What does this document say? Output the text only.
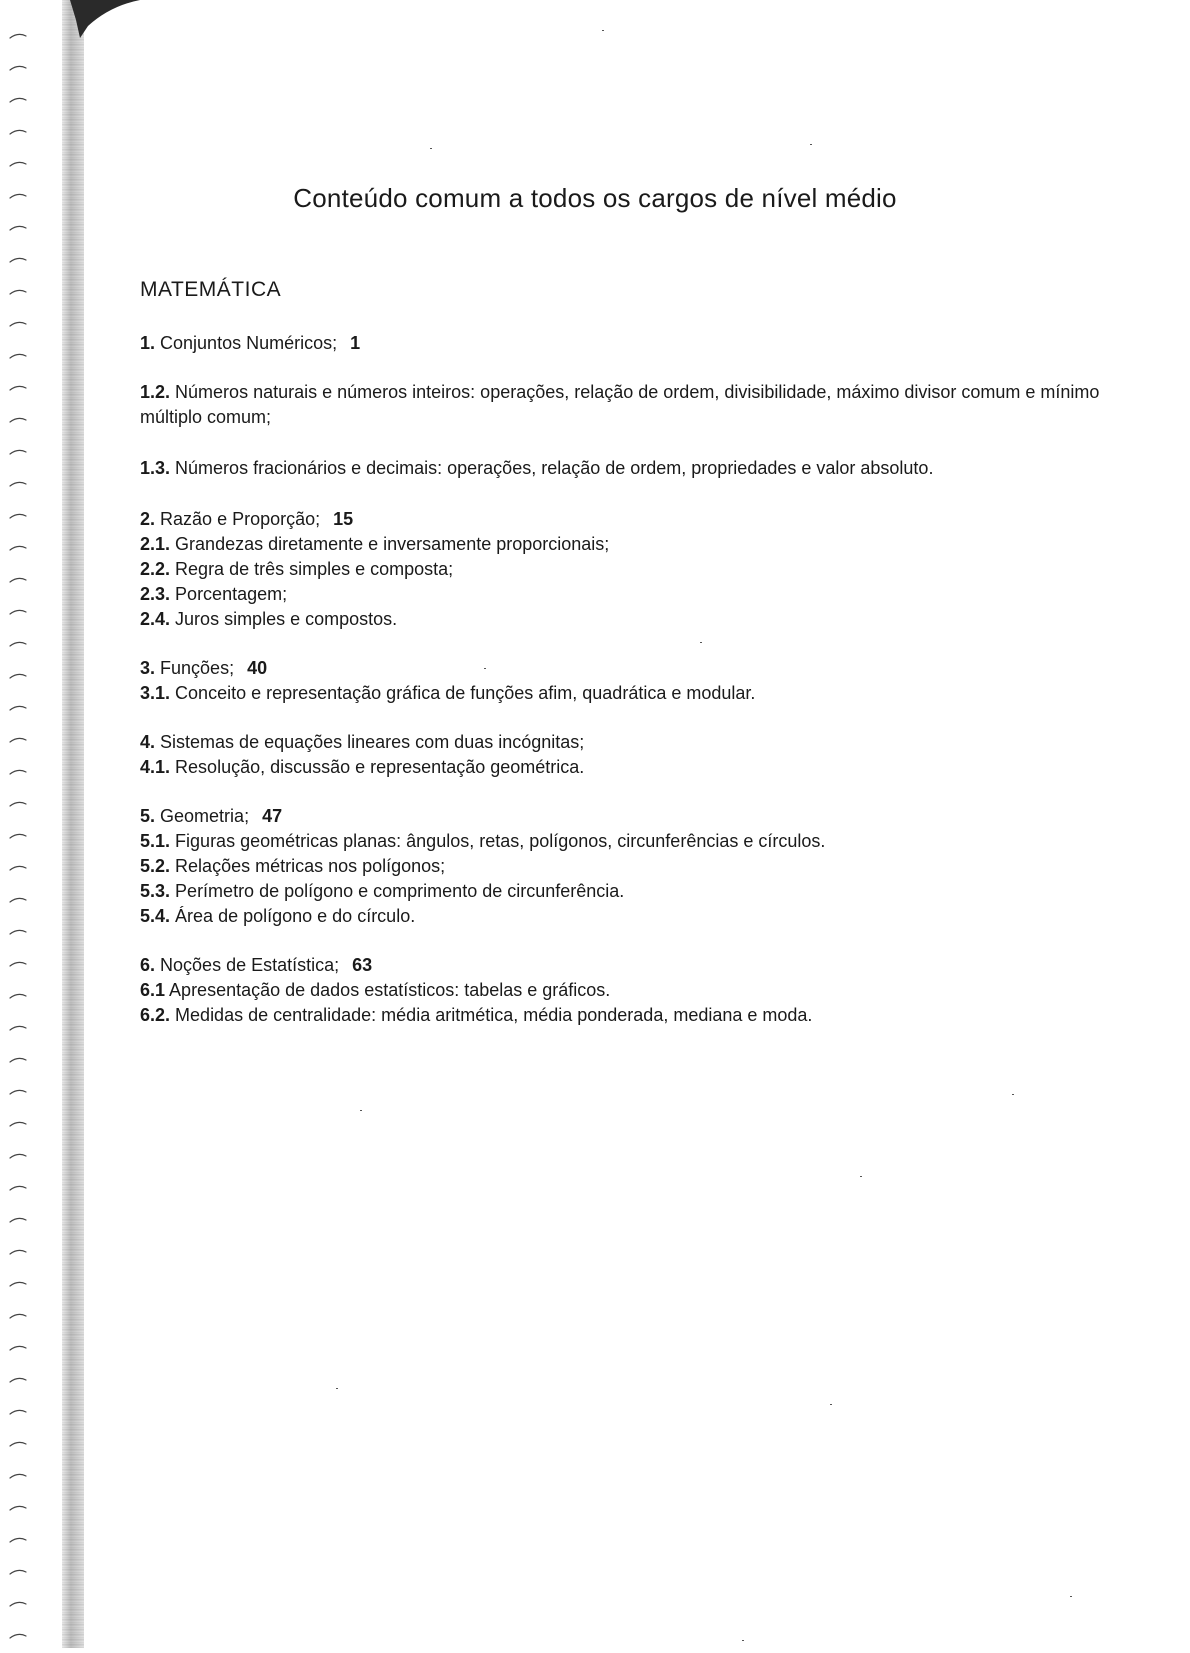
Conteúdo comum a todos os cargos de nível médio
MATEMÁTICA

1. Conjuntos Numéricos; 1

1.2. Números naturais e números inteiros: operações, relação de ordem, divisibilidade, máximo divisor comum e mínimo múltiplo comum;

1.3. Números fracionários e decimais: operações, relação de ordem, propriedades e valor absoluto.

2. Razão e Proporção; 15

2.1. Grandezas diretamente e inversamente proporcionais;

2.2. Regra de três simples e composta;

2.3. Porcentagem;

2.4. Juros simples e compostos.

3. Funções; 40

3.1. Conceito e representação gráfica de funções afim, quadrática e modular.

4. Sistemas de equações lineares com duas incógnitas;

4.1. Resolução, discussão e representação geométrica.

5. Geometria; 47

5.1. Figuras geométricas planas: ângulos, retas, polígonos, circunferências e círculos.

5.2. Relações métricas nos polígonos;

5.3. Perímetro de polígono e comprimento de circunferência.

5.4. Área de polígono e do círculo.

6. Noções de Estatística; 63

6.1 Apresentação de dados estatísticos: tabelas e gráficos.

6.2. Medidas de centralidade: média aritmética, média ponderada, mediana e moda.
